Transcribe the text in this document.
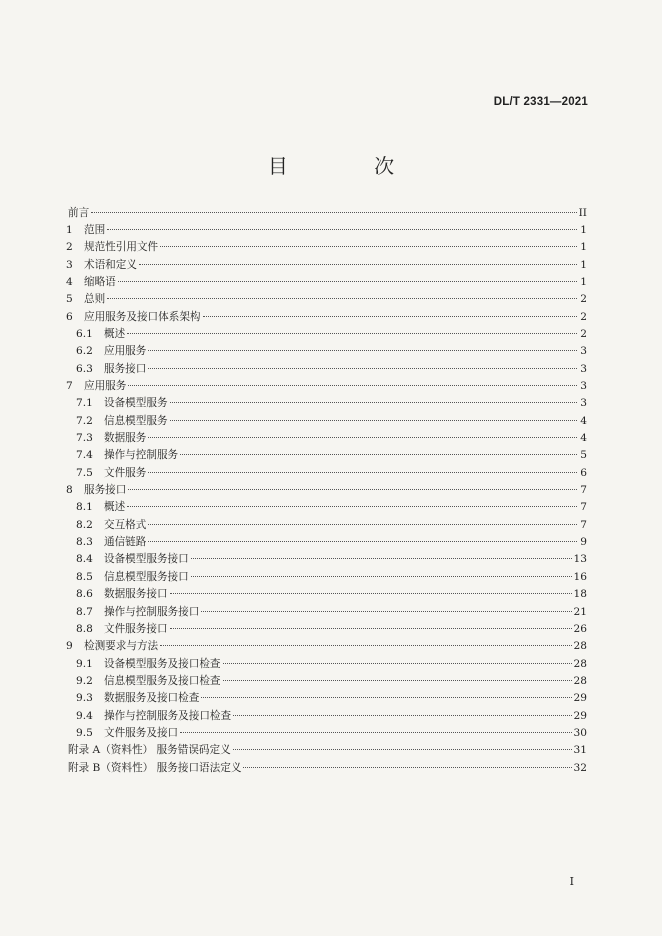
DL/T 2331—2021
目 次
前言	II
1	范围	1
2	规范性引用文件	1
3	术语和定义	1
4	缩略语	1
5	总则	2
6	应用服务及接口体系架构	2
6.1	概述	2
6.2	应用服务	3
6.3	服务接口	3
7	应用服务	3
7.1	设备模型服务	3
7.2	信息模型服务	4
7.3	数据服务	4
7.4	操作与控制服务	5
7.5	文件服务	6
8	服务接口	7
8.1	概述	7
8.2	交互格式	7
8.3	通信链路	9
8.4	设备模型服务接口	13
8.5	信息模型服务接口	16
8.6	数据服务接口	18
8.7	操作与控制服务接口	21
8.8	文件服务接口	26
9	检测要求与方法	28
9.1	设备模型服务及接口检查	28
9.2	信息模型服务及接口检查	28
9.3	数据服务及接口检查	29
9.4	操作与控制服务及接口检查	29
9.5	文件服务及接口	30
附录 A（资料性） 服务错误码定义	31
附录 B（资料性） 服务接口语法定义	32
I
